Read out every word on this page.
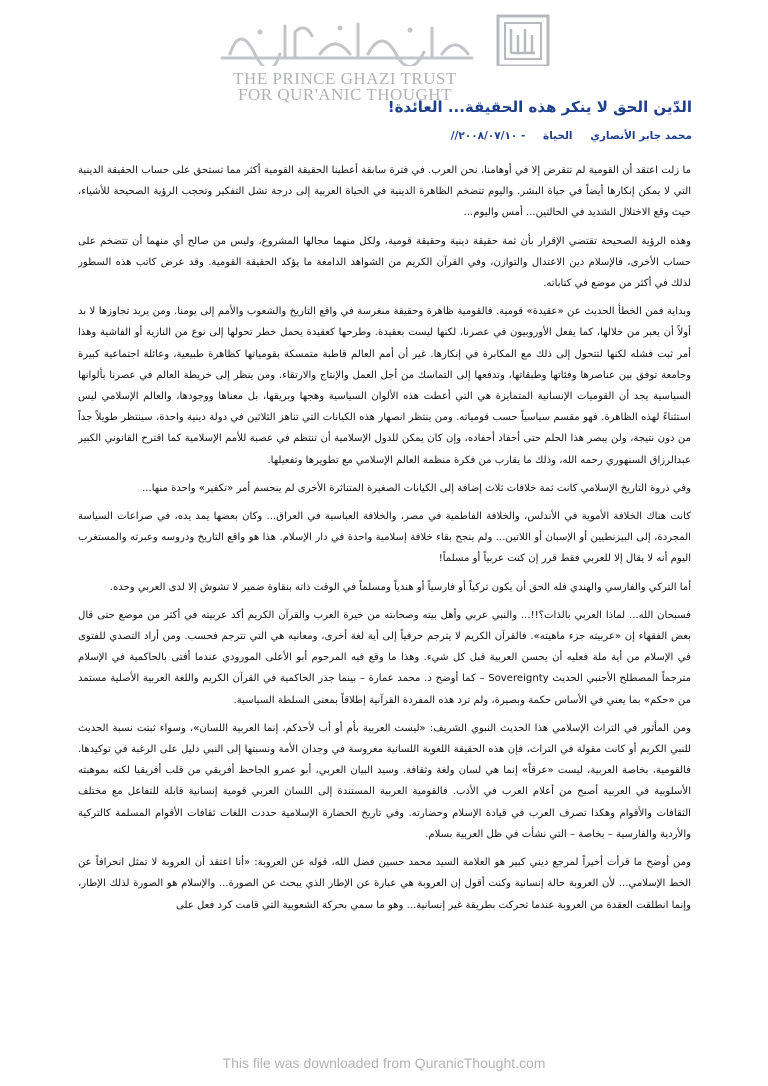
THE PRINCE GHAZI TRUST
FOR QUR'ANIC THOUGHT
الدّين الحق لا ينكر هذه الحقيقة... العائدة!
محمد جابر الأنصاري الحياة - ٢٠٠٨/٠٧/١٠//

ما زلت اعتقد أن القومية لم تتقرض إلا في أوهامنا، نحن العرب. في فترة سابقة أعطينا الحقيقة القومية أكثر مما تستحق على حساب الحقيقة الدينية التي لا يمكن إنكارها أيضاً في حياة البشر. واليوم تتضخم الظاهرة الدينية في الحياة العربية إلى درجة تشل التفكير وتحجب الرؤية الصحيحة للأشياء، حيث وقع الاختلال الشديد في الحالتين... أمس واليوم...

وهذه الرؤية الصحيحة تقتضي الإقرار بأن ثمة حقيقة دينية وحقيقة قومية، ولكل منهما مجالها المشروع، وليس من صالح أي منهما أن تتضخم على حساب الأخرى، فالإسلام دين الاعتدال والتوازن، وفي القرآن الكريم من الشواهد الدامغة ما يؤكد الحقيقة القومية. وقد عرض كاتب هذه السطور لذلك في أكثر من موضع في كتاباته.

وبداية فمن الخطأ الحديث عن «عقيدة» قومية. فالقومية ظاهرة وحقيقة منغرسة في واقع التاريخ والشعوب والأمم إلى يومنا. ومن يريد تجاوزها لا بد أولاً أن يعبر من خلالها، كما يفعل الأوروبيون في عصرنا، لكنها ليست بعقيدة. وطرحها كعقيدة يحمل خطر تحولها إلى نوع من النازية أو الفاشية وهذا أمر ثبت فشله لكنها لتتحول إلى ذلك مع المكابرة في إنكارها. غير أن أمم العالم قاطبة متمسكة بقومياتها كظاهرة طبيعية، وعائلة اجتماعية كبيرة وجامعة توفق بين عناصرها وفئاتها وطبقاتها، وتدفعها إلى التماسك من أجل العمل والإنتاج والارتقاء. ومن ينظر إلى خريطة العالم في عصرنا بألوانها السياسية يجد أن القوميات الإنسانية المتمايزة هي التي أعطت هذه الألوان السياسية وهجها وبريقها، بل معناها ووجودها، والعالم الإسلامي ليس استثناءً لهذه الظاهرة. فهو مقسم سياسياً حسب قومياته. ومن ينتظر انصهار هذه الكيانات التي تناهز الثلاثين في دولة دينية واحدة، سينتظر طويلاً جداً من دون نتيجة، ولن يبصر هذا الحلم حتى أحفاد أحفاده، وإن كان يمكن للدول الإسلامية أن تنتظم في عصبة للأمم الإسلامية كما اقترح القانوني الكبير عبدالرزاق السنهوري رحمه الله، وذلك ما يقارب من فكرة منظمة العالم الإسلامي مع تطويرها وتفعيلها.

وفي ذروة التاريخ الإسلامي كانت ثمة خلافات ثلاث إضافة إلى الكيانات الصغيرة المتناثرة الأخرى لم ينحسم أمر «تكفير» واحدة منها...

كانت هناك الخلافة الأموية في الأندلس، والخلافة الفاطمية في مصر، والخلافة العباسية في العراق... وكان بعضها يمد يده، في صراعات السياسة المجردة، إلى البيزنطيين أو الإسبان أو اللاتين... ولم ينجح بقاء خلافة إسلامية واحدة في دار الإسلام. هذا هو واقع التاريخ ودروسه وعبرته والمستغرب اليوم أنه لا يقال إلا للعربي فقط قرر إن كنت عربياً أو مسلماً!

أما التركي والفارسي والهندي فله الحق أن يكون تركياً أو فارسياً أو هندياً ومسلماً في الوقت ذاته بنقاوة ضمير لا تشوش إلا لدى العربي وحده.

فسبحان الله... لماذا العربي بالذات؟!!... والنبي عربي وأهل بيته وصحابته من خيرة العرب والقرآن الكريم أكد عربيته في أكثر من موضع حتى قال بعض الفقهاء إن «عربيته جزء ماهيته». فالقرآن الكريم لا يترجم حرفياً إلى أية لغة أخرى، ومعانيه هي التي تترجم فحسب. ومن أراد التصدي للفتوى في الإسلام من أية ملة فعليه أن يحسن العربية قبل كل شيء. وهذا ما وقع فيه المرحوم أبو الأعلى المورودي عندما أفتى بالحاكمية في الإسلام مترجماً المصطلح الأجنبي الحديث Sovereignty – كما أوضح د. محمد عمارة – بينما جذر الحاكمية في القرآن الكريم واللغة العربية الأصلية مستمد من «حكم» بما يعني في الأساس حكمة وبصيرة، ولم ترد هذه المفردة القرآنية إطلاقاً بمعنى السلطة السياسية.

ومن المأثور في التراث الإسلامي هذا الحديث النبوي الشريف: «ليست العربية بأم أو أب لأحدكم، إنما العربية اللسان»، وسواء ثبتت نسبة الحديث للنبي الكريم أو كانت مقولة في التراث، فإن هذه الحقيقة اللغوية اللسانية مغروسة في وجدان الأمة ونسبتها إلى النبي دليل على الرغبة في توكيدها. فالقومية، بخاصة العربية، ليست «عرقاً» إنما هي لسان ولغة وثقافة. وسيد البيان العربي، أبو عمرو الجاحظ أفريقي من قلب أفريقيا لكنه بموهبته الأسلوبية في العربية أصبح من أعلام العرب في الأدب. فالقومية العربية المستندة إلى اللسان العربي قومية إنسانية قابلة للتفاعل مع مختلف الثقافات والأقوام وهكذا تصرف العرب في قيادة الإسلام وحضارته. وفي تاريخ الحضارة الإسلامية حددت اللغات ثقافات الأقوام المسلمة كالتركية والأردية والفارسية – بخاصة – التي نشأت في ظل العربية بسلام.

ومن أوضح ما قرأت أخيراً لمرجع ديني كبير هو العلامة السيد محمد حسين فضل الله، قوله عن العروبة: «أنا اعتقد أن العروبة لا تمثل انحرافاً عن الخط الإسلامي... لأن العروبة حالة إنسانية وكنت أقول إن العروبة هي عبارة عن الإطار الذي يبحث عن الصورة... والإسلام هو الصورة لذلك الإطار، وإنما انطلقت العقدة من العروبة عندما تحركت بطريقة غير إنسانية... وهو ما سمي بحركة الشعوبية التي قامت كرد فعل على

This file was downloaded from QuranicThought.com
